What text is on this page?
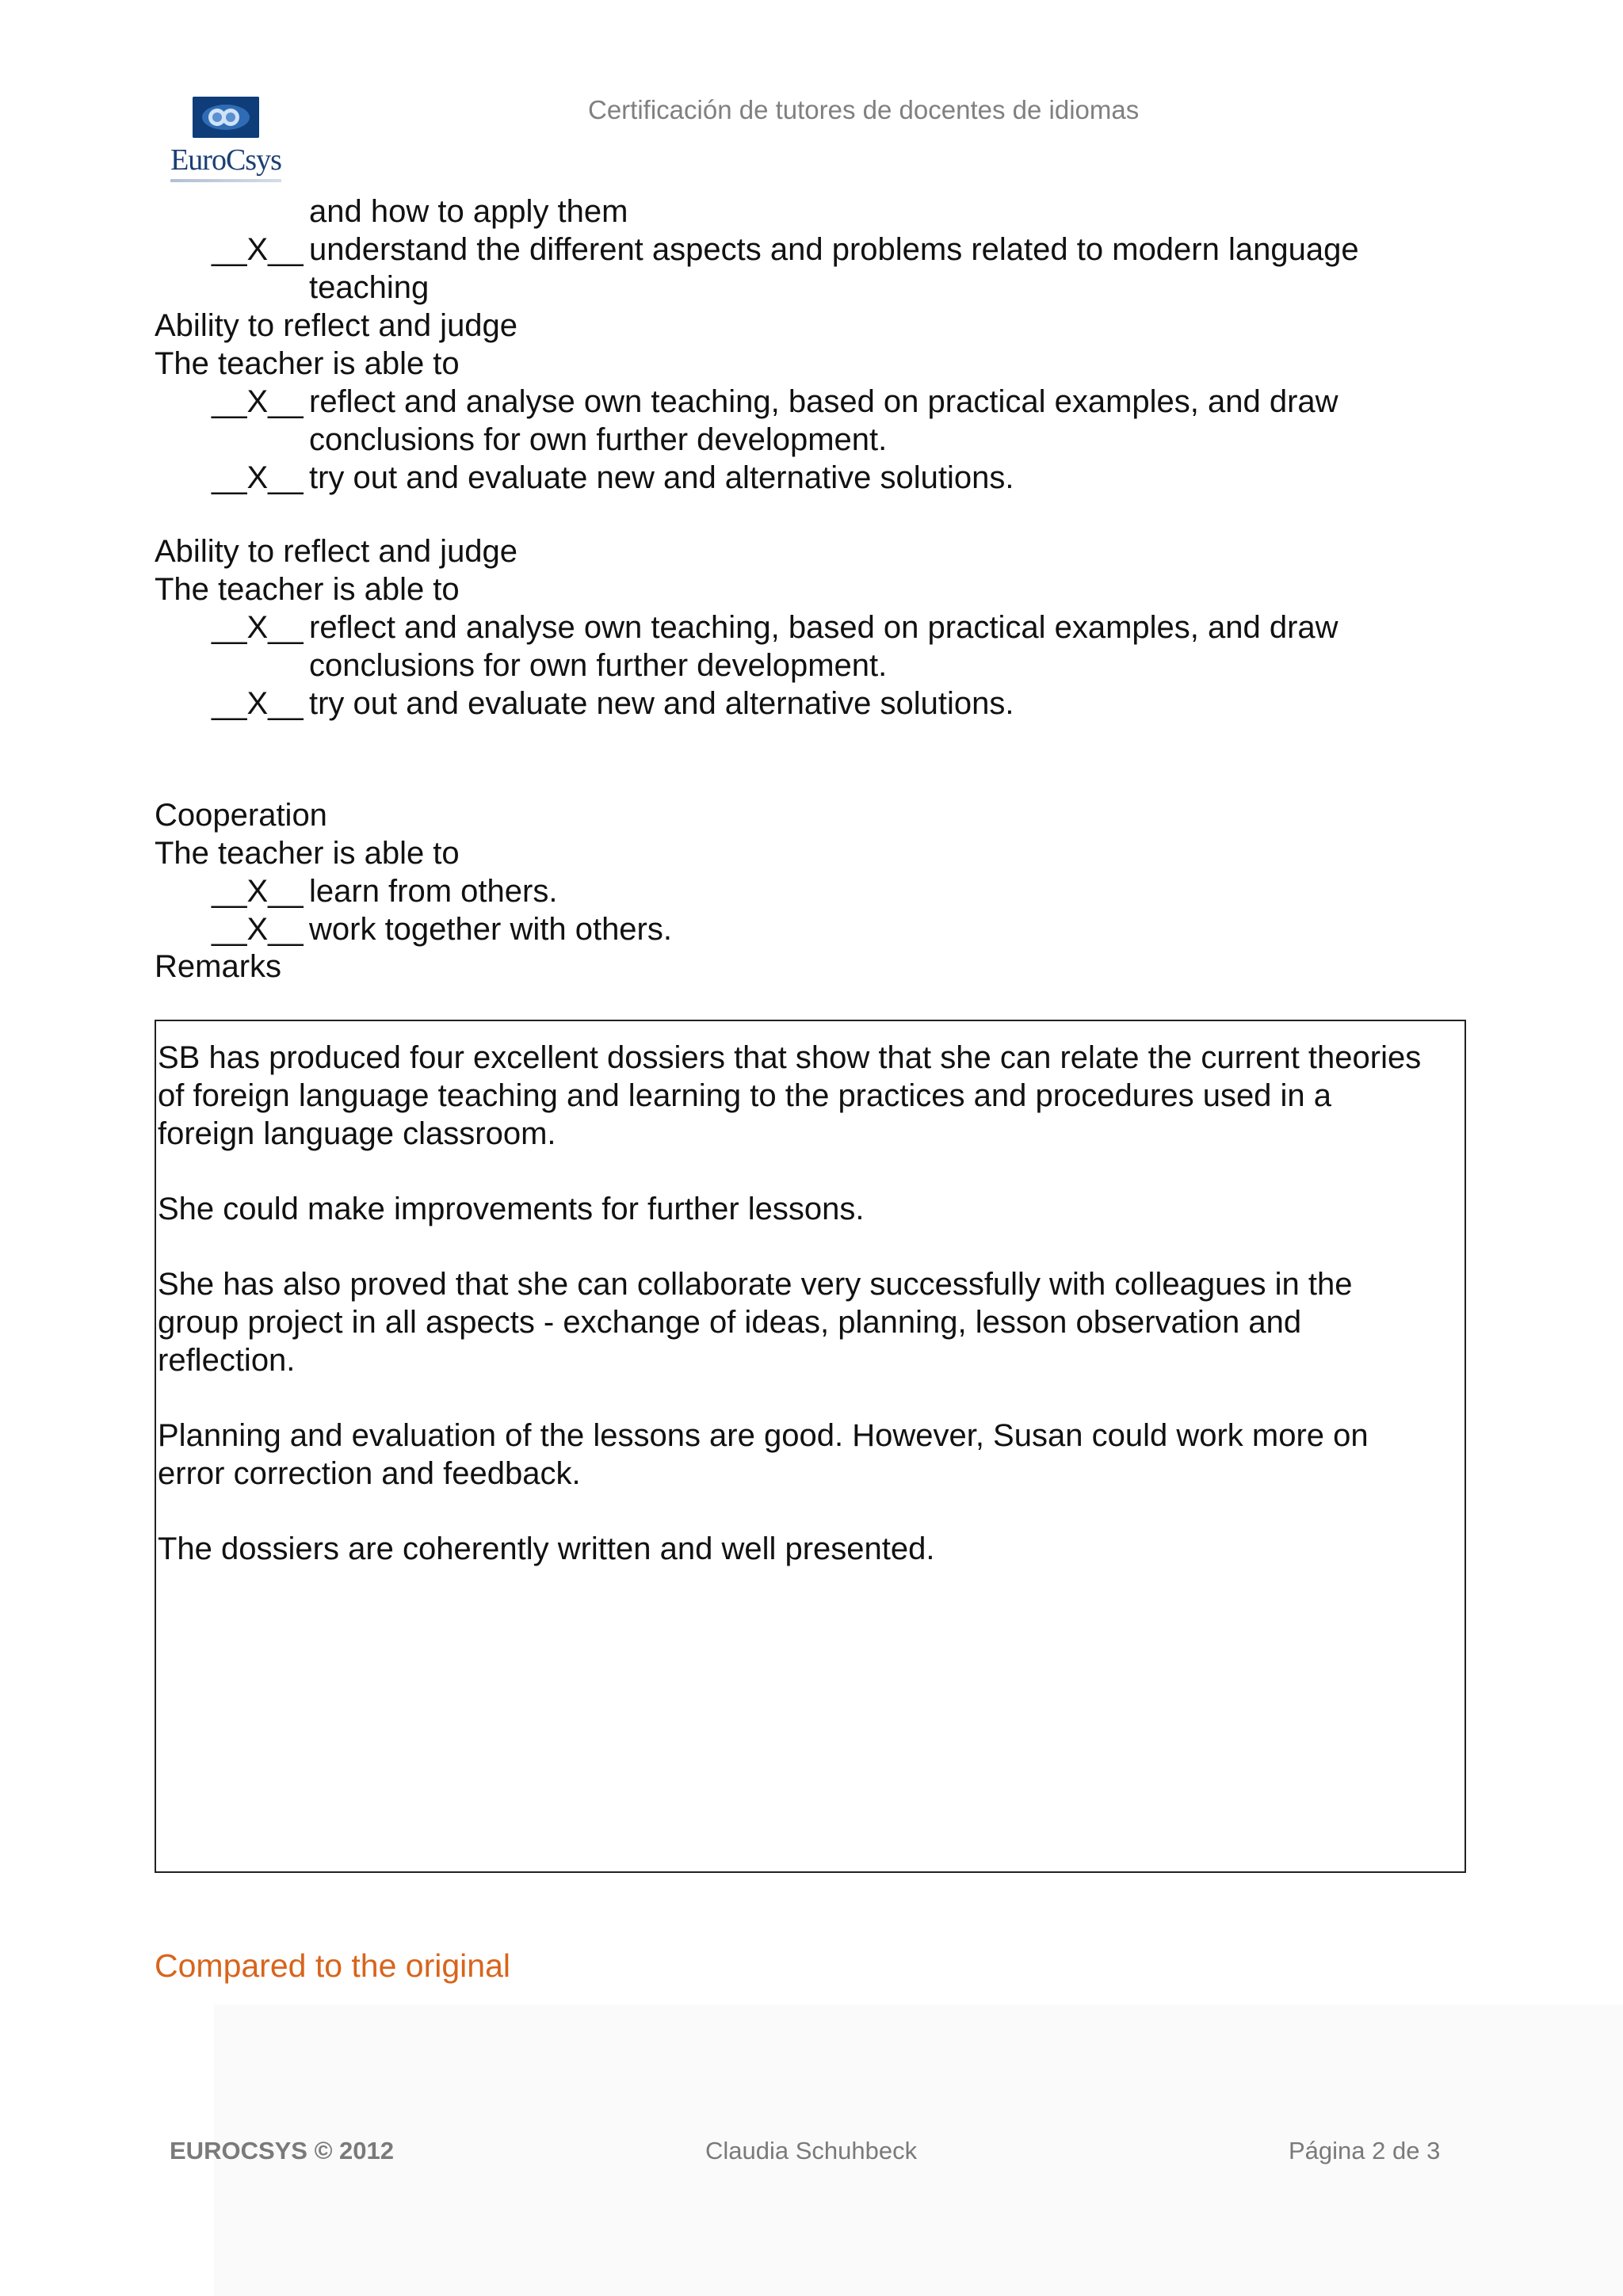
EuroCsys
Certificación de tutores de docentes de idiomas
and how to apply them
__X__ understand the different aspects and problems related to modern language
teaching
Ability to reflect and judge
The teacher is able to
__X__ reflect and analyse own teaching, based on practical examples, and draw
conclusions for own further development.
__X__ try out and evaluate new and alternative solutions.
Ability to reflect and judge
The teacher is able to
__X__ reflect and analyse own teaching, based on practical examples, and draw
conclusions for own further development.
__X__ try out and evaluate new and alternative solutions.
Cooperation
The teacher is able to
__X__ learn from others.
__X__ work together with others.
Remarks
SB has produced four excellent dossiers that show that she can relate the current theories
of foreign language teaching and learning to the practices and procedures used in a
foreign language classroom.
She could make improvements for further lessons.
She has also proved that she can collaborate very successfully with colleagues in the
group project in all aspects - exchange of ideas, planning, lesson observation and
reflection.
Planning and evaluation of the lessons are good. However, Susan could work more on
error correction and feedback.
The dossiers are coherently written and well presented.
Compared to the original
EUROCSYS © 2012	Claudia Schuhbeck	Página 2 de 3
